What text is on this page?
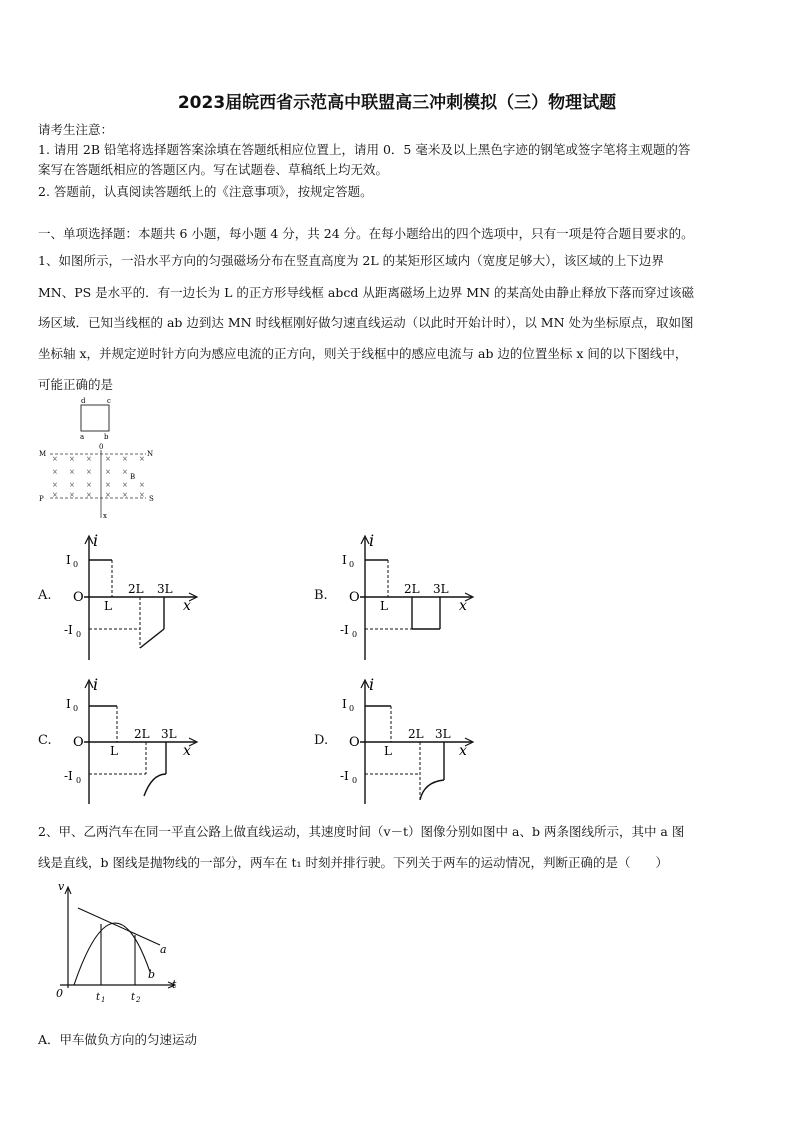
2023届皖西省示范高中联盟高三冲刺模拟（三）物理试题
请考生注意：
1. 请用 2B 铅笔将选择题答案涂填在答题纸相应位置上，请用 0．5 毫米及以上黑色字迹的钢笔或签字笔将主观题的答
案写在答题纸相应的答题区内。写在试题卷、草稿纸上均无效。
2. 答题前，认真阅读答题纸上的《注意事项》，按规定答题。
一、单项选择题：本题共 6 小题，每小题 4 分，共 24 分。在每小题给出的四个选项中，只有一项是符合题目要求的。
1、如图所示，一沿水平方向的匀强磁场分布在竖直高度为 2L 的某矩形区域内（宽度足够大），该区域的上下边界
MN、PS 是水平的．有一边长为 L 的正方形导线框 abcd 从距离磁场上边界 MN 的某高处由静止释放下落而穿过该磁
场区域．已知当线框的 ab 边到达 MN 时线框刚好做匀速直线运动（以此时开始计时），以 MN 处为坐标原点，取如图
坐标轴 x，并规定逆时针方向为感应电流的正方向，则关于线框中的感应电流与 ab 边的位置坐标 x 间的以下图线中，
可能正确的是
d	c
a	b
0
M	N
P	S
B
x
× × × × × ×
× × × × ×
× × × × × ×
× × × × × ×
A.
i
I 0
O
L
2L 3L
x
-I 0
B.
i
I 0
O
L
2L 3L
x
-I 0
C.
i
I 0
O
L
2L 3L
x
-I 0
D.
i
I 0
O
L
2L 3L
x
-I 0
2、甲、乙两汽车在同一平直公路上做直线运动，其速度时间（v－t）图像分别如图中 a、b 两条图线所示，其中 a 图
线是直线，b 图线是抛物线的一部分，两车在 t₁ 时刻并排行驶。下列关于两车的运动情况，判断正确的是（　　）
v
t
0	t 1	t 2
a
b
A．甲车做负方向的匀速运动
